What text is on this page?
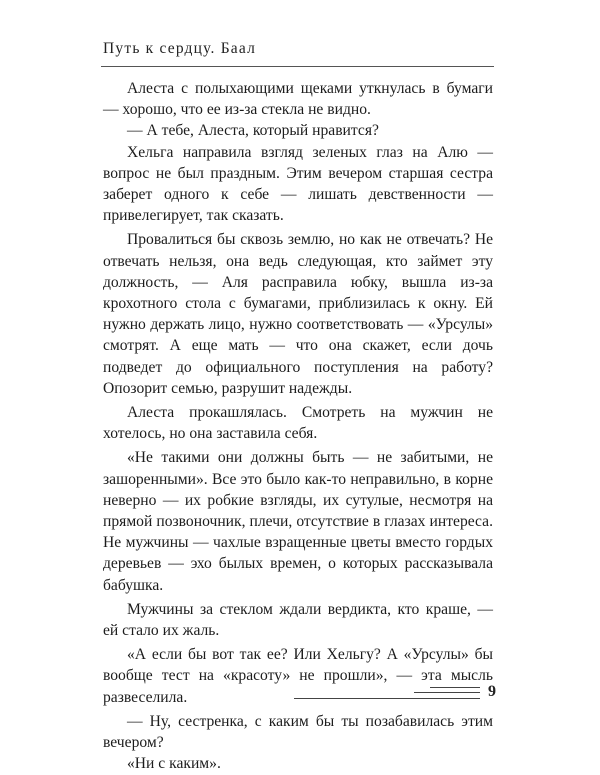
Путь к сердцу. Баал

Алеста с полыхающими щеками уткнулась в бумаги — хорошо, что ее из-за стекла не видно.

— А тебе, Алеста, который нравится?

Хельга направила взгляд зеленых глаз на Алю — вопрос не был праздным. Этим вечером старшая сестра заберет одного к себе — лишать девственности — привелегирует, так сказать.

Провалиться бы сквозь землю, но как не отвечать? Не отвечать нельзя, она ведь следующая, кто займет эту должность, — Аля расправила юбку, вышла из-за крохотного стола с бумагами, приблизилась к окну. Ей нужно держать лицо, нужно соответствовать — «Урсулы» смотрят. А еще мать — что она скажет, если дочь подведет до официального поступления на работу? Опозорит семью, разрушит надежды.

Алеста прокашлялась. Смотреть на мужчин не хотелось, но она заставила себя.

«Не такими они должны быть — не забитыми, не зашоренными». Все это было как-то неправильно, в корне неверно — их робкие взгляды, их сутулые, несмотря на прямой позвоночник, плечи, отсутствие в глазах интереса. Не мужчины — чахлые взращенные цветы вместо гордых деревьев — эхо былых времен, о которых рассказывала бабушка.

Мужчины за стеклом ждали вердикта, кто краше, — ей стало их жаль.

«А если бы вот так ее? Или Хельгу? А «Урсулы» бы вообще тест на «красоту» не прошли», — эта мысль развеселила.

— Ну, сестренка, с каким бы ты позабавилась этим вечером?

«Ни с каким».

9
